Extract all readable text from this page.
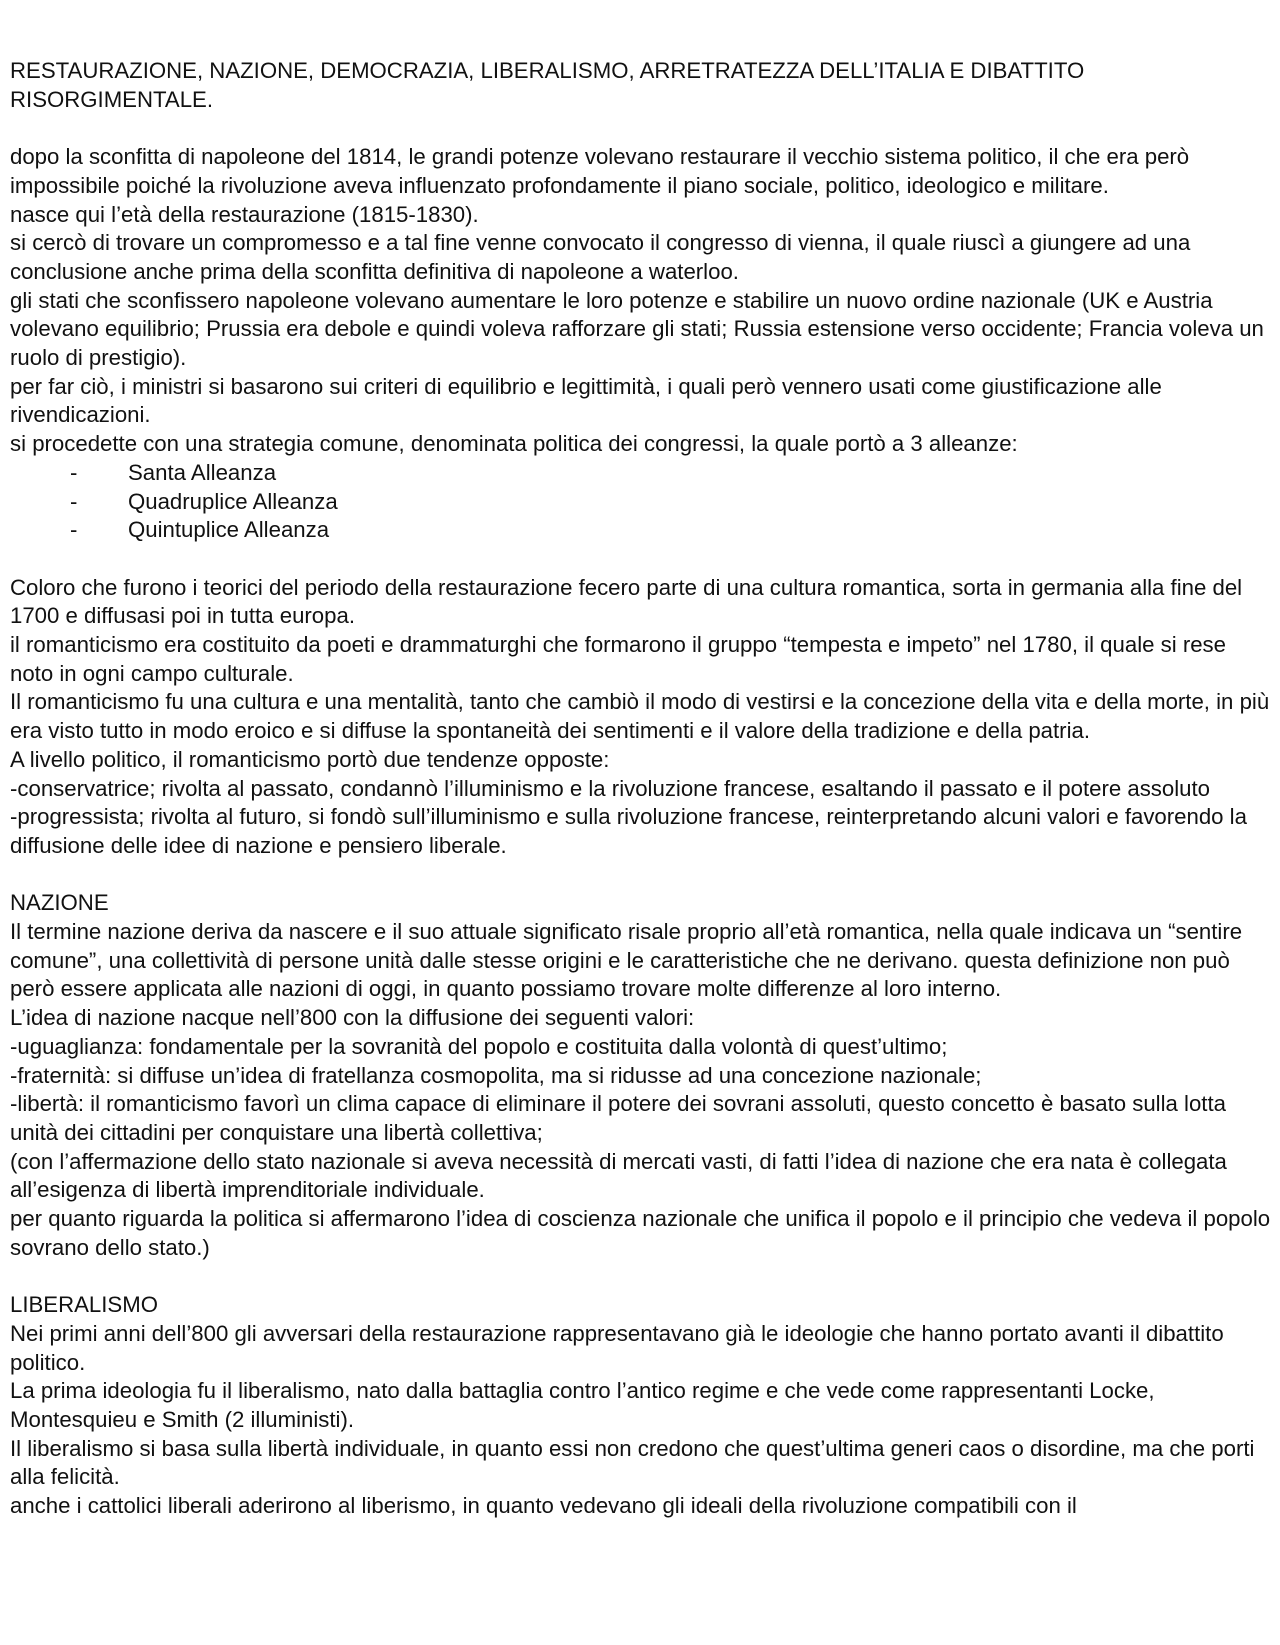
RESTAURAZIONE, NAZIONE, DEMOCRAZIA, LIBERALISMO, ARRETRATEZZA DELL’ITALIA E DIBATTITO RISORGIMENTALE.

dopo la sconfitta di napoleone del 1814, le grandi potenze volevano restaurare il vecchio sistema politico, il che era però impossibile poiché la rivoluzione aveva influenzato profondamente il piano sociale, politico, ideologico e militare.

nasce qui l’età della restaurazione (1815-1830).

si cercò di trovare un compromesso e a tal fine venne convocato il congresso di vienna, il quale riuscì a giungere ad una conclusione anche prima della sconfitta definitiva di napoleone a waterloo.

gli stati che sconfissero napoleone volevano aumentare le loro potenze e stabilire un nuovo ordine nazionale (UK e Austria volevano equilibrio; Prussia era debole e quindi voleva rafforzare gli stati; Russia estensione verso occidente; Francia voleva un ruolo di prestigio).

per far ciò, i ministri si basarono sui criteri di equilibrio e legittimità, i quali però vennero usati come giustificazione alle rivendicazioni.

si procedette con una strategia comune, denominata politica dei congressi, la quale portò a 3 alleanze:

- Santa Alleanza
- Quadruplice Alleanza
- Quintuplice Alleanza

Coloro che furono i teorici del periodo della restaurazione fecero parte di una cultura romantica, sorta in germania alla fine del 1700 e diffusasi poi in tutta europa.

il romanticismo era costituito da poeti e drammaturghi che formarono il gruppo “tempesta e impeto” nel 1780, il quale si rese noto in ogni campo culturale.

Il romanticismo fu una cultura e una mentalità, tanto che cambiò il modo di vestirsi e la concezione della vita e della morte, in più era visto tutto in modo eroico e si diffuse la spontaneità dei sentimenti e il valore della tradizione e della patria.

A livello politico, il romanticismo portò due tendenze opposte:

-conservatrice; rivolta al passato, condannò l’illuminismo e la rivoluzione francese, esaltando il passato e il potere assoluto

-progressista; rivolta al futuro, si fondò sull’illuminismo e sulla rivoluzione francese, reinterpretando alcuni valori e favorendo la diffusione delle idee di nazione e pensiero liberale.

NAZIONE

Il termine nazione deriva da nascere e il suo attuale significato risale proprio all’età romantica, nella quale indicava un “sentire comune”, una collettività di persone unità dalle stesse origini e le caratteristiche che ne derivano. questa definizione non può però essere applicata alle nazioni di oggi, in quanto possiamo trovare molte differenze al loro interno.

L’idea di nazione nacque nell’800 con la diffusione dei seguenti valori:

-uguaglianza: fondamentale per la sovranità del popolo e costituita dalla volontà di quest’ultimo;

-fraternità: si diffuse un’idea di fratellanza cosmopolita, ma si ridusse ad una concezione nazionale;

-libertà: il romanticismo favorì un clima capace di eliminare il potere dei sovrani assoluti, questo concetto è basato sulla lotta unità dei cittadini per conquistare una libertà collettiva;

(con l’affermazione dello stato nazionale si aveva necessità di mercati vasti, di fatti l’idea di nazione che era nata è collegata all’esigenza di libertà imprenditoriale individuale.

per quanto riguarda la politica si affermarono l’idea di coscienza nazionale che unifica il popolo e il principio che vedeva il popolo sovrano dello stato.)

LIBERALISMO

Nei primi anni dell’800 gli avversari della restaurazione rappresentavano già le ideologie che hanno portato avanti il dibattito politico.

La prima ideologia fu il liberalismo, nato dalla battaglia contro l’antico regime e che vede come rappresentanti Locke, Montesquieu e Smith (2 illuministi).

Il liberalismo si basa sulla libertà individuale, in quanto essi non credono che quest’ultima generi caos o disordine, ma che porti alla felicità.

anche i cattolici liberali aderirono al liberismo, in quanto vedevano gli ideali della rivoluzione compatibili con il
